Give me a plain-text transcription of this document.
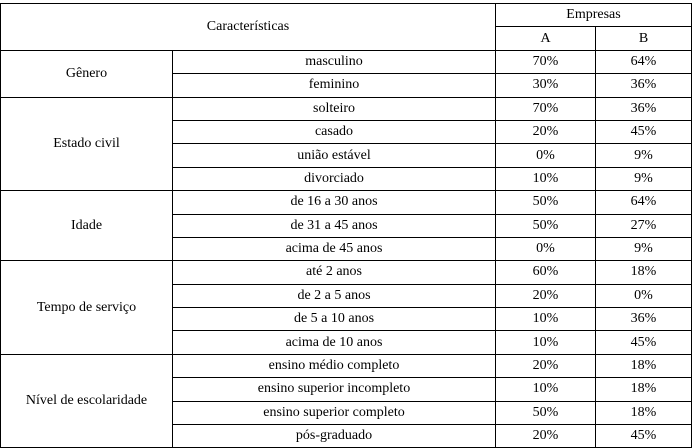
Características		Empresas	
		A	B
Gênero	masculino	70%	64%
	feminino	30%	36%
Estado civil	solteiro	70%	36%
	casado	20%	45%
	união estável	0%	9%
	divorciado	10%	9%
Idade	de 16 a 30 anos	50%	64%
	de 31 a 45 anos	50%	27%
	acima de 45 anos	0%	9%
Tempo de serviço	até 2 anos	60%	18%
	de 2 a 5 anos	20%	0%
	de 5 a 10 anos	10%	36%
	acima de 10 anos	10%	45%
Nível de escolaridade	ensino médio completo	20%	18%
	ensino superior incompleto	10%	18%
	ensino superior completo	50%	18%
	pós-graduado	20%	45%
